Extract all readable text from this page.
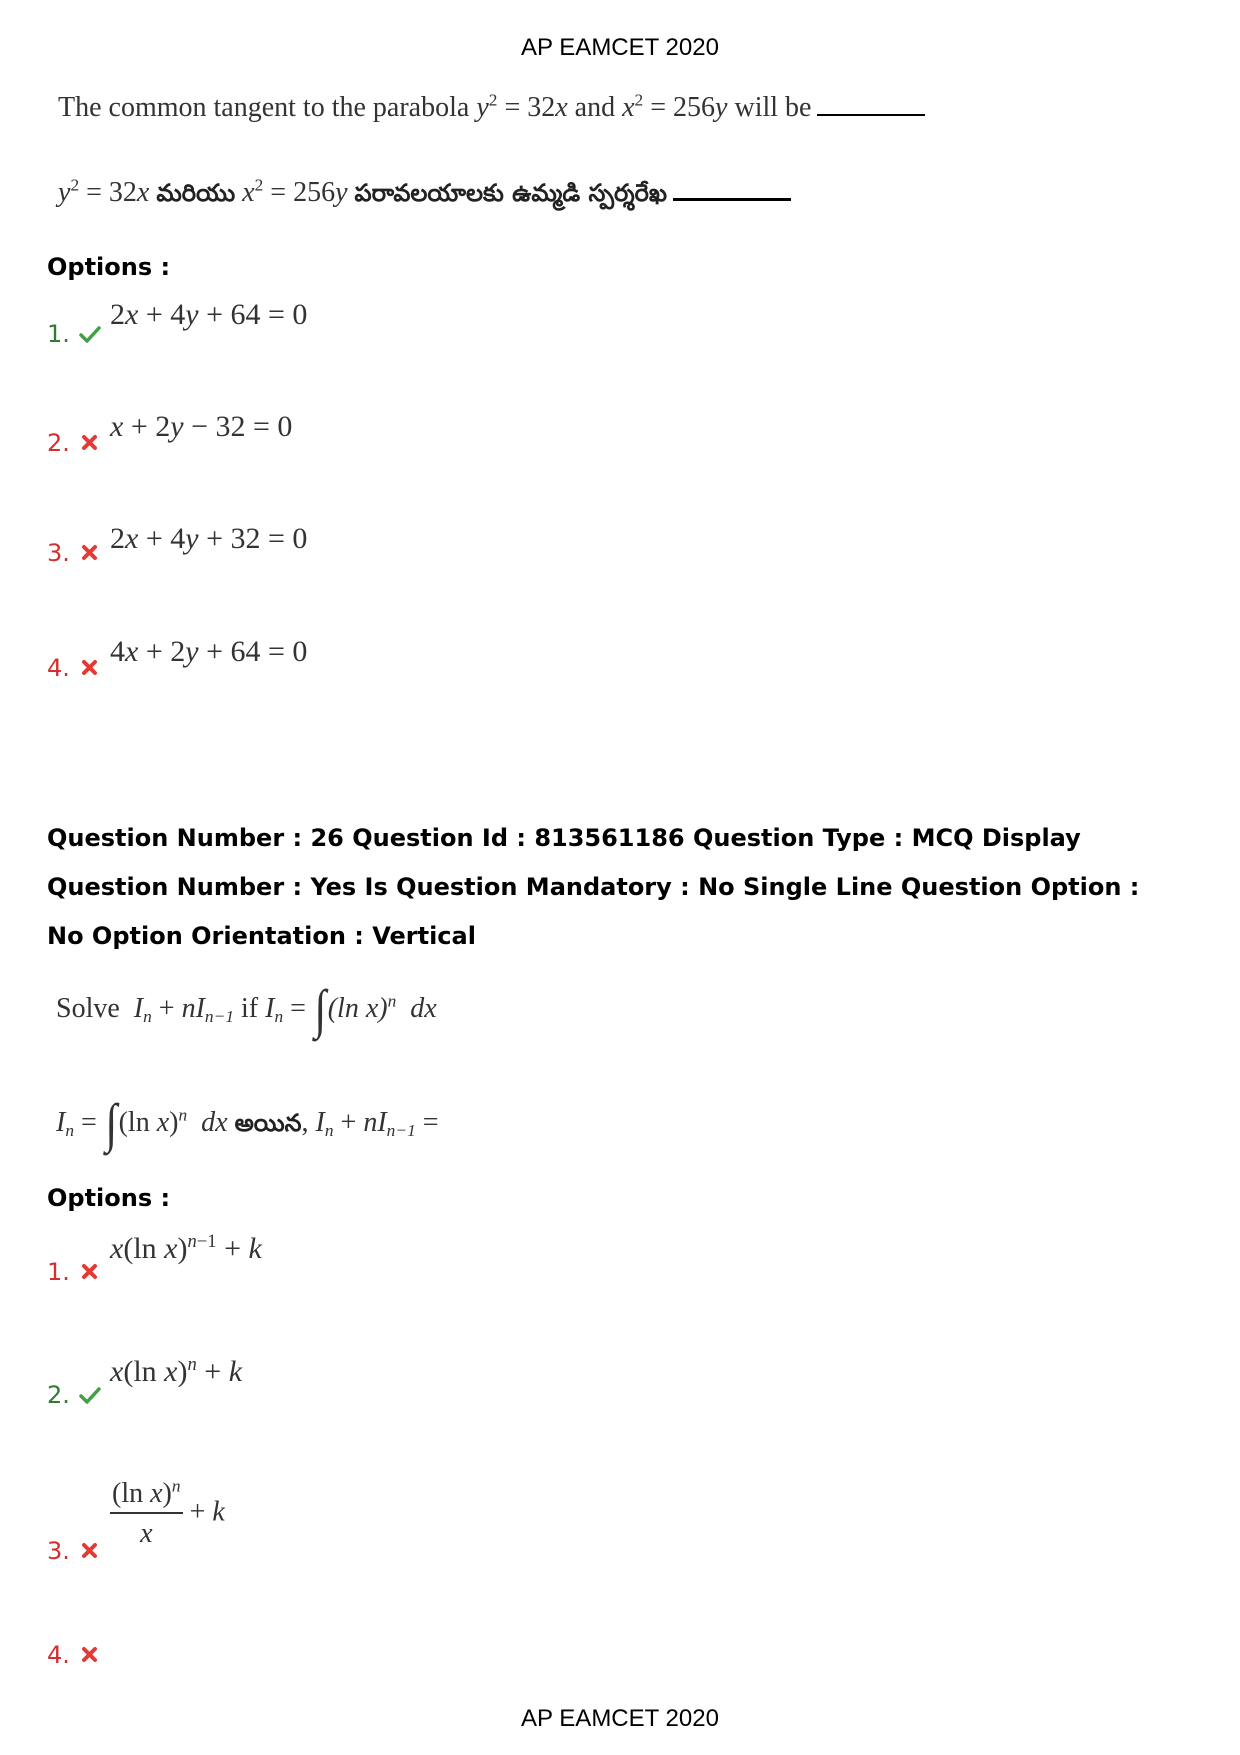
AP EAMCET 2020
The common tangent to the parabola $y^2 = 32x$ and $x^2 = 256y$ will be
$y^2 = 32x$ మరియు $x^2 = 256y$ పరావలయాలకు ఉమ్మడి స్పర్శరేఖ
Options :
1.
2x + 4y + 64 = 0
2.	x + 2y − 32 = 0
3.	2x + 4y + 32 = 0
4.	4x + 2y + 64 = 0
Question Number : 26 Question Id : 813561186 Question Type : MCQ Display Question Number : Yes Is Question Mandatory : No Single Line Question Option : No Option Orientation : Vertical
Solve $I_n + nI_{n-1}$ if $I_n = \int(\ln$ x)$^n$ dx
$I_n = \int(\ln$ x)$^n$ dx అయిన, $I_n + nI_{n-1}$ =
Options :
1.
x(ln x)$^{n-1}$ + k
2.
x(ln x)$^n$ + k
3.
$\frac{(\ln x)^n}{x} + k$
4.
AP EAMCET 2020
